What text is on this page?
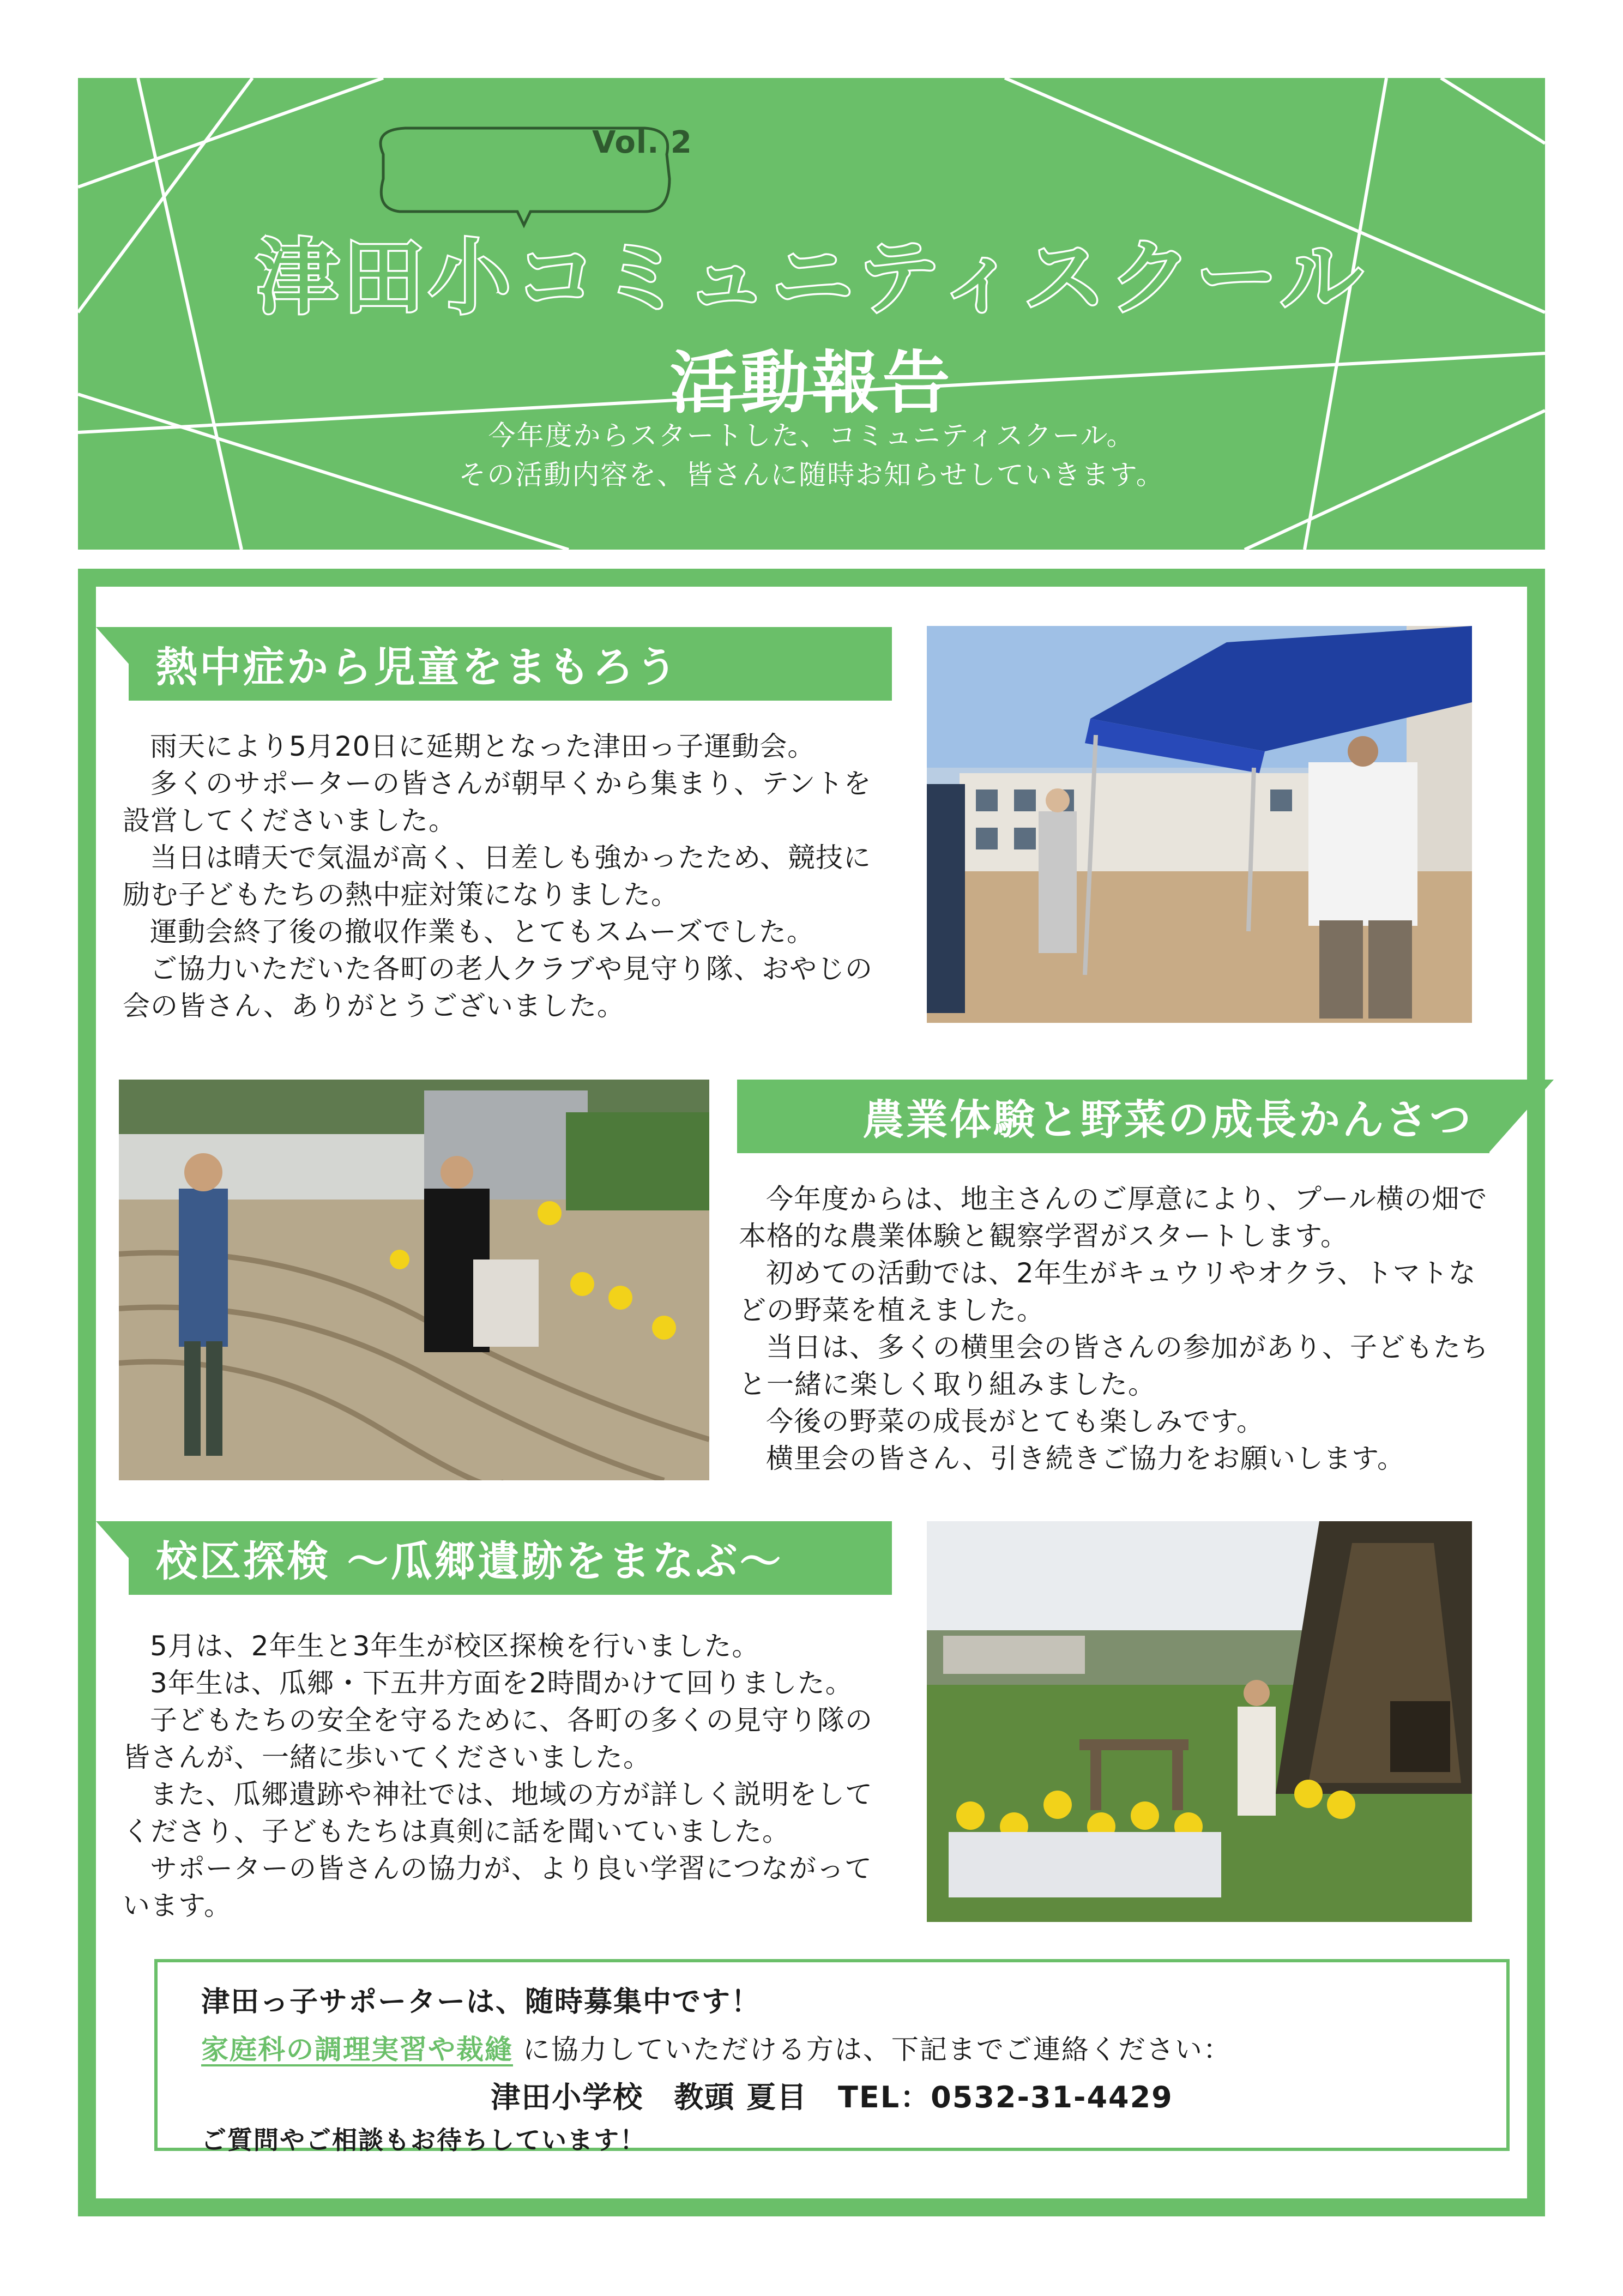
Vol. 2
津田小コミュニティスクール
活動報告
今年度からスタートした、コミュニティスクール。
その活動内容を、皆さんに随時お知らせしていきます。
熱中症から児童をまもろう

雨天により5月20日に延期となった津田っ子運動会。

多くのサポーターの皆さんが朝早くから集まり、テントを設営してくださいました。

当日は晴天で気温が高く、日差しも強かったため、競技に励む子どもたちの熱中症対策になりました。

運動会終了後の撤収作業も、とてもスムーズでした。

ご協力いただいた各町の老人クラブや見守り隊、おやじの会の皆さん、ありがとうございました。

農業体験と野菜の成長かんさつ

今年度からは、地主さんのご厚意により、プール横の畑で本格的な農業体験と観察学習がスタートします。

初めての活動では、2年生がキュウリやオクラ、トマトなどの野菜を植えました。

当日は、多くの横里会の皆さんの参加があり、子どもたちと一緒に楽しく取り組みました。

今後の野菜の成長がとても楽しみです。

横里会の皆さん、引き続きご協力をお願いします。

校区探検 ～瓜郷遺跡をまなぶ～

5月は、2年生と3年生が校区探検を行いました。

3年生は、瓜郷・下五井方面を2時間かけて回りました。

子どもたちの安全を守るために、各町の多くの見守り隊の皆さんが、一緒に歩いてくださいました。

また、瓜郷遺跡や神社では、地域の方が詳しく説明をしてくださり、子どもたちは真剣に話を聞いていました。

サポーターの皆さんの協力が、より良い学習につながっています。

津田っ子サポーターは、随時募集中です！
家庭科の調理実習や裁縫 に協力していただける方は、下記までご連絡ください：
津田小学校　教頭 夏目　TEL：0532-31-4429
ご質問やご相談もお待ちしています！
